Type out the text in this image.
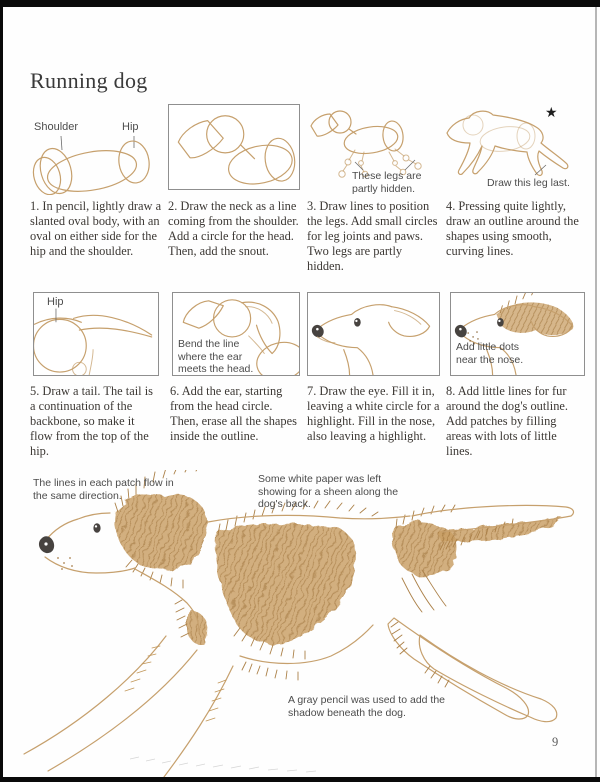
Running dog
Shoulder	Hip
These legs are partly hidden.
★
Draw this leg last.
1. In pencil, lightly draw a slanted oval body, with an oval on either side for the hip and the shoulder.
2. Draw the neck as a line coming from the shoulder. Add a circle for the head. Then, add the snout.
3. Draw lines to position the legs. Add small circles for leg joints and paws. Two legs are partly hidden.
4. Pressing quite lightly, draw an outline around the shapes using smooth, curving lines.
Hip
Bend the line where the ear meets the head.
Add little dots near the nose.
5. Draw a tail. The tail is a continuation of the backbone, so make it flow from the top of the hip.
6. Add the ear, starting from the head circle. Then, erase all the shapes inside the outline.
7. Draw the eye. Fill it in, leaving a white circle for a highlight. Fill in the nose, also leaving a highlight.
8. Add little lines for fur around the dog's outline. Add patches by filling areas with lots of little lines.
The lines in each patch flow in the same direction.
Some white paper was left showing for a sheen along the dog's back.
A gray pencil was used to add the shadow beneath the dog.
9
